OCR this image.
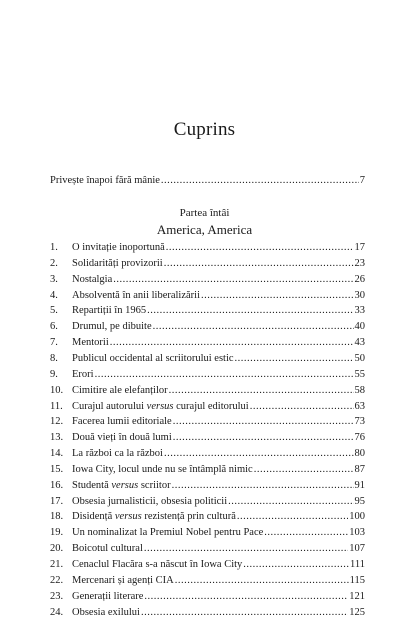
Cuprins
Privește înapoi fără mânie .....	7
Partea întâi
America, America
1.	O invitație inoportună .....	17
2.	Solidarități provizorii .....	23
3.	Nostalgia .....	26
4.	Absolventă în anii liberalizării .....	30
5.	Repartiții în 1965 .....	33
6.	Drumul, pe dibuite .....	40
7.	Mentorii .....	43
8.	Publicul occidental al scriitorului estic .....	50
9.	Erori .....	55
10. Cimitire ale elefanților .....	58
11. Curajul autorului versus curajul editorului .....	63
12. Facerea lumii editoriale .....	73
13. Două vieți în două lumi .....	76
14. La război ca la război .....	80
15. Iowa City, locul unde nu se întâmplă nimic .....	87
16. Studentă versus scriitor .....	91
17. Obsesia jurnalisticii, obsesia politicii .....	95
18. Disidență versus rezistență prin cultură .....	100
19. Un nominalizat la Premiul Nobel pentru Pace .....	103
20. Boicotul cultural .....	107
21. Cenaclul Flacăra s-a născut în Iowa City .....	111
22. Mercenari și agenți CIA .....	115
23. Generații literare .....	121
24. Obsesia exilului .....	125
